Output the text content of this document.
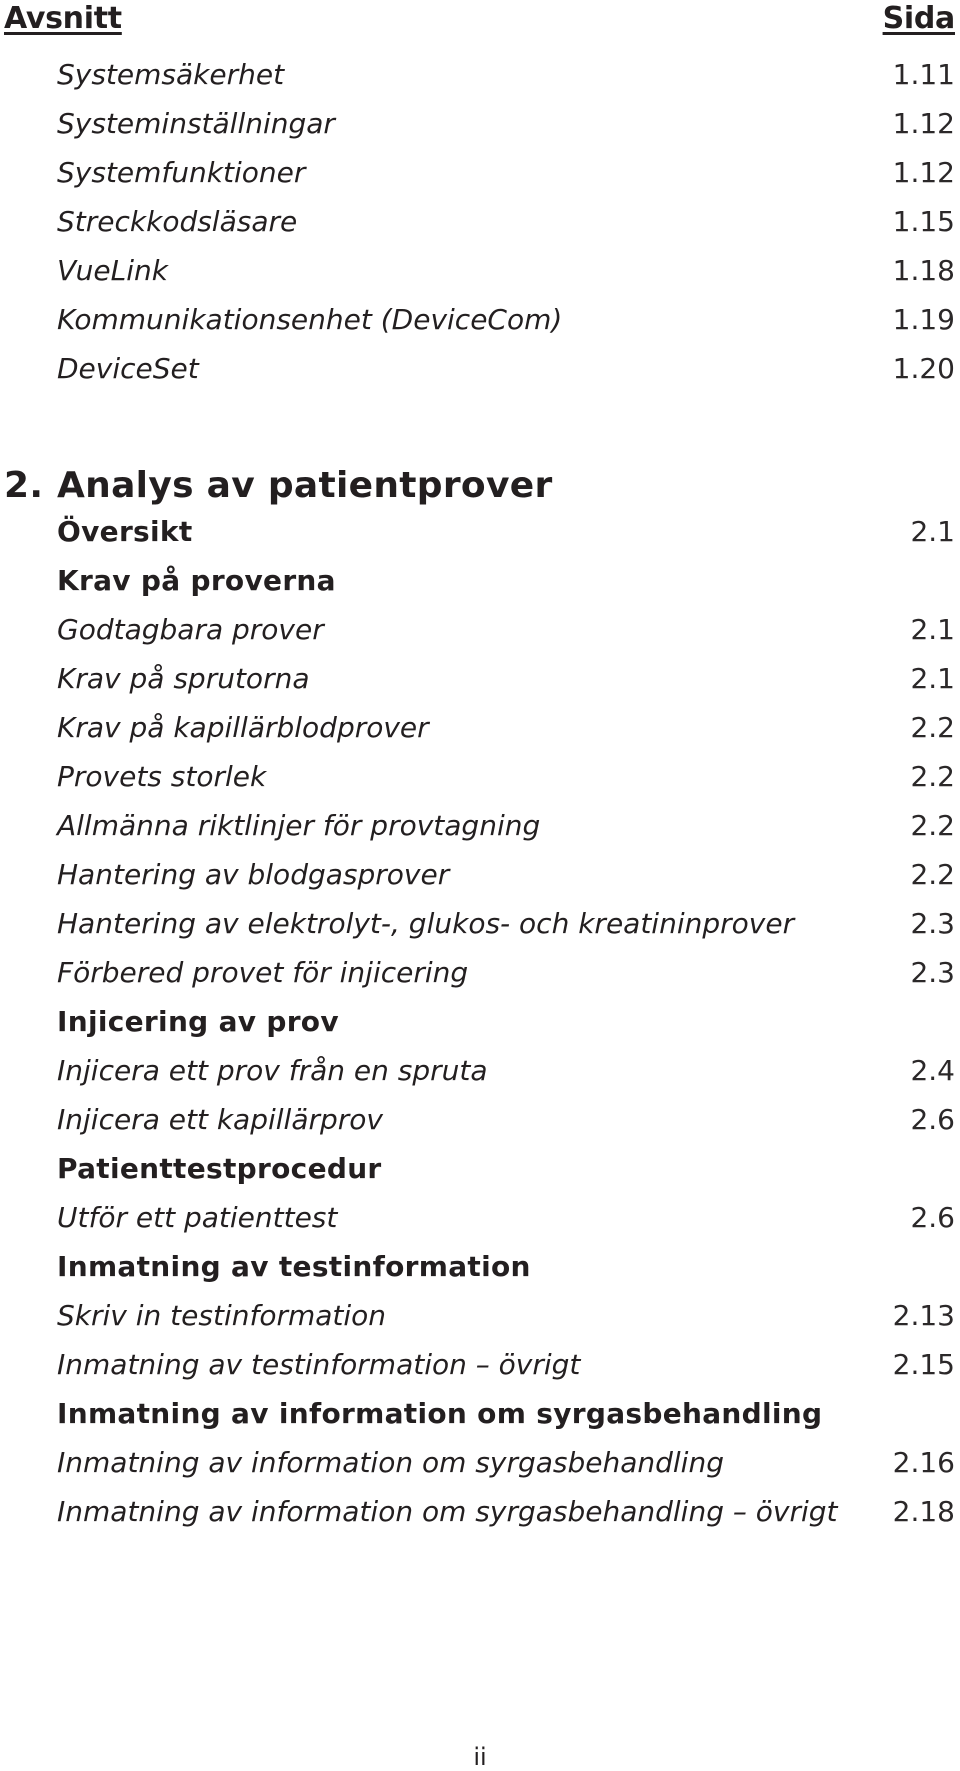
Avsnitt	Sida
Systemsäkerhet	1.11
Systeminställningar	1.12
Systemfunktioner	1.12
Streckkodsläsare	1.15
VueLink	1.18
Kommunikationsenhet (DeviceCom)	1.19
DeviceSet	1.20
2. Analys av patientprover
Översikt	2.1
Krav på proverna
Godtagbara prover	2.1
Krav på sprutorna	2.1
Krav på kapillärblodprover	2.2
Provets storlek	2.2
Allmänna riktlinjer för provtagning	2.2
Hantering av blodgasprover	2.2
Hantering av elektrolyt-, glukos- och kreatininprover	2.3
Förbered provet för injicering	2.3
Injicering av prov
Injicera ett prov från en spruta	2.4
Injicera ett kapillärprov	2.6
Patienttestprocedur
Utför ett patienttest	2.6
Inmatning av testinformation
Skriv in testinformation	2.13
Inmatning av testinformation – övrigt	2.15
Inmatning av information om syrgasbehandling
Inmatning av information om syrgasbehandling	2.16
Inmatning av information om syrgasbehandling – övrigt 2.18
ii
